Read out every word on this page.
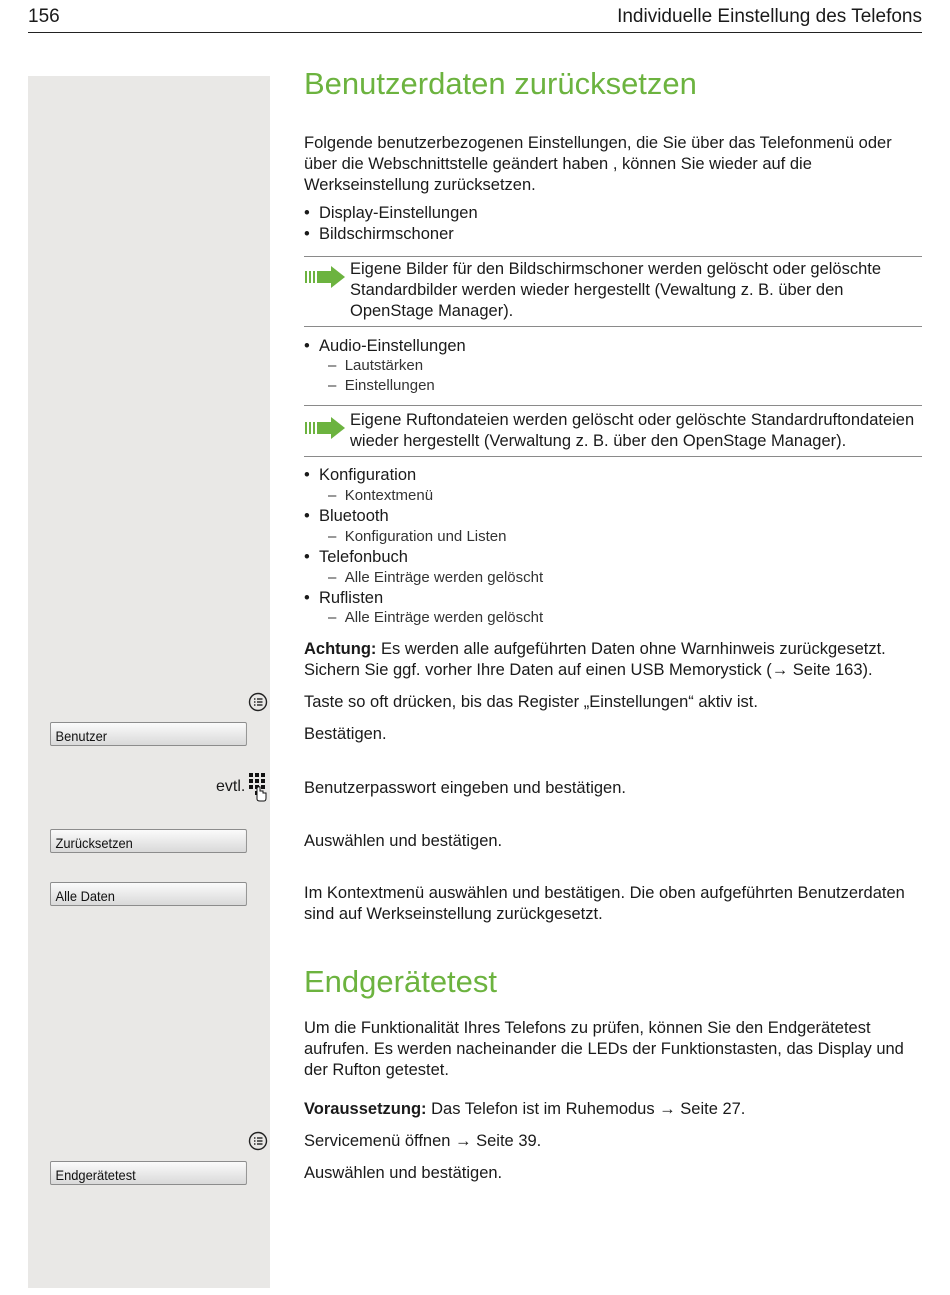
156	Individuelle Einstellung des Telefons
Benutzerdaten zurücksetzen
Folgende benutzerbezogenen Einstellungen, die Sie über das Telefonmenü oder über die Webschnittstelle geändert haben , können Sie wieder auf die Werkseinstellung zurücksetzen.
•  Display-Einstellungen
•  Bildschirmschoner
Eigene Bilder für den Bildschirmschoner werden gelöscht oder gelöschte Standardbilder werden wieder hergestellt (Vewaltung z. B. über den OpenStage Manager).
•  Audio-Einstellungen
–  Lautstärken
–  Einstellungen
Eigene Ruftondateien werden gelöscht oder gelöschte Standardruftondateien wieder hergestellt (Verwaltung z. B. über den OpenStage Manager).
•  Konfiguration
–  Kontextmenü
•  Bluetooth
–  Konfiguration und Listen
•  Telefonbuch
–  Alle Einträge werden gelöscht
•  Ruflisten
–  Alle Einträge werden gelöscht
Achtung: Es werden alle aufgeführten Daten ohne Warnhinweis zurückgesetzt. Sichern Sie ggf. vorher Ihre Daten auf einen USB Memorystick (→ Seite 163).
Taste so oft drücken, bis das Register „Einstellungen“ aktiv ist.
Benutzer	Bestätigen.
evtl.	Benutzerpasswort eingeben und bestätigen.
Zurücksetzen	Auswählen und bestätigen.
Alle Daten	Im Kontextmenü auswählen und bestätigen. Die oben aufgeführten Benutzerdaten sind auf Werkseinstellung zurückgesetzt.
Endgerätetest
Um die Funktionalität Ihres Telefons zu prüfen, können Sie den Endgerätetest aufrufen. Es werden nacheinander die LEDs der Funktionstasten, das Display und der Rufton getestet.
Voraussetzung: Das Telefon ist im Ruhemodus → Seite 27.
Servicemenü öffnen → Seite 39.
Endgerätetest	Auswählen und bestätigen.
